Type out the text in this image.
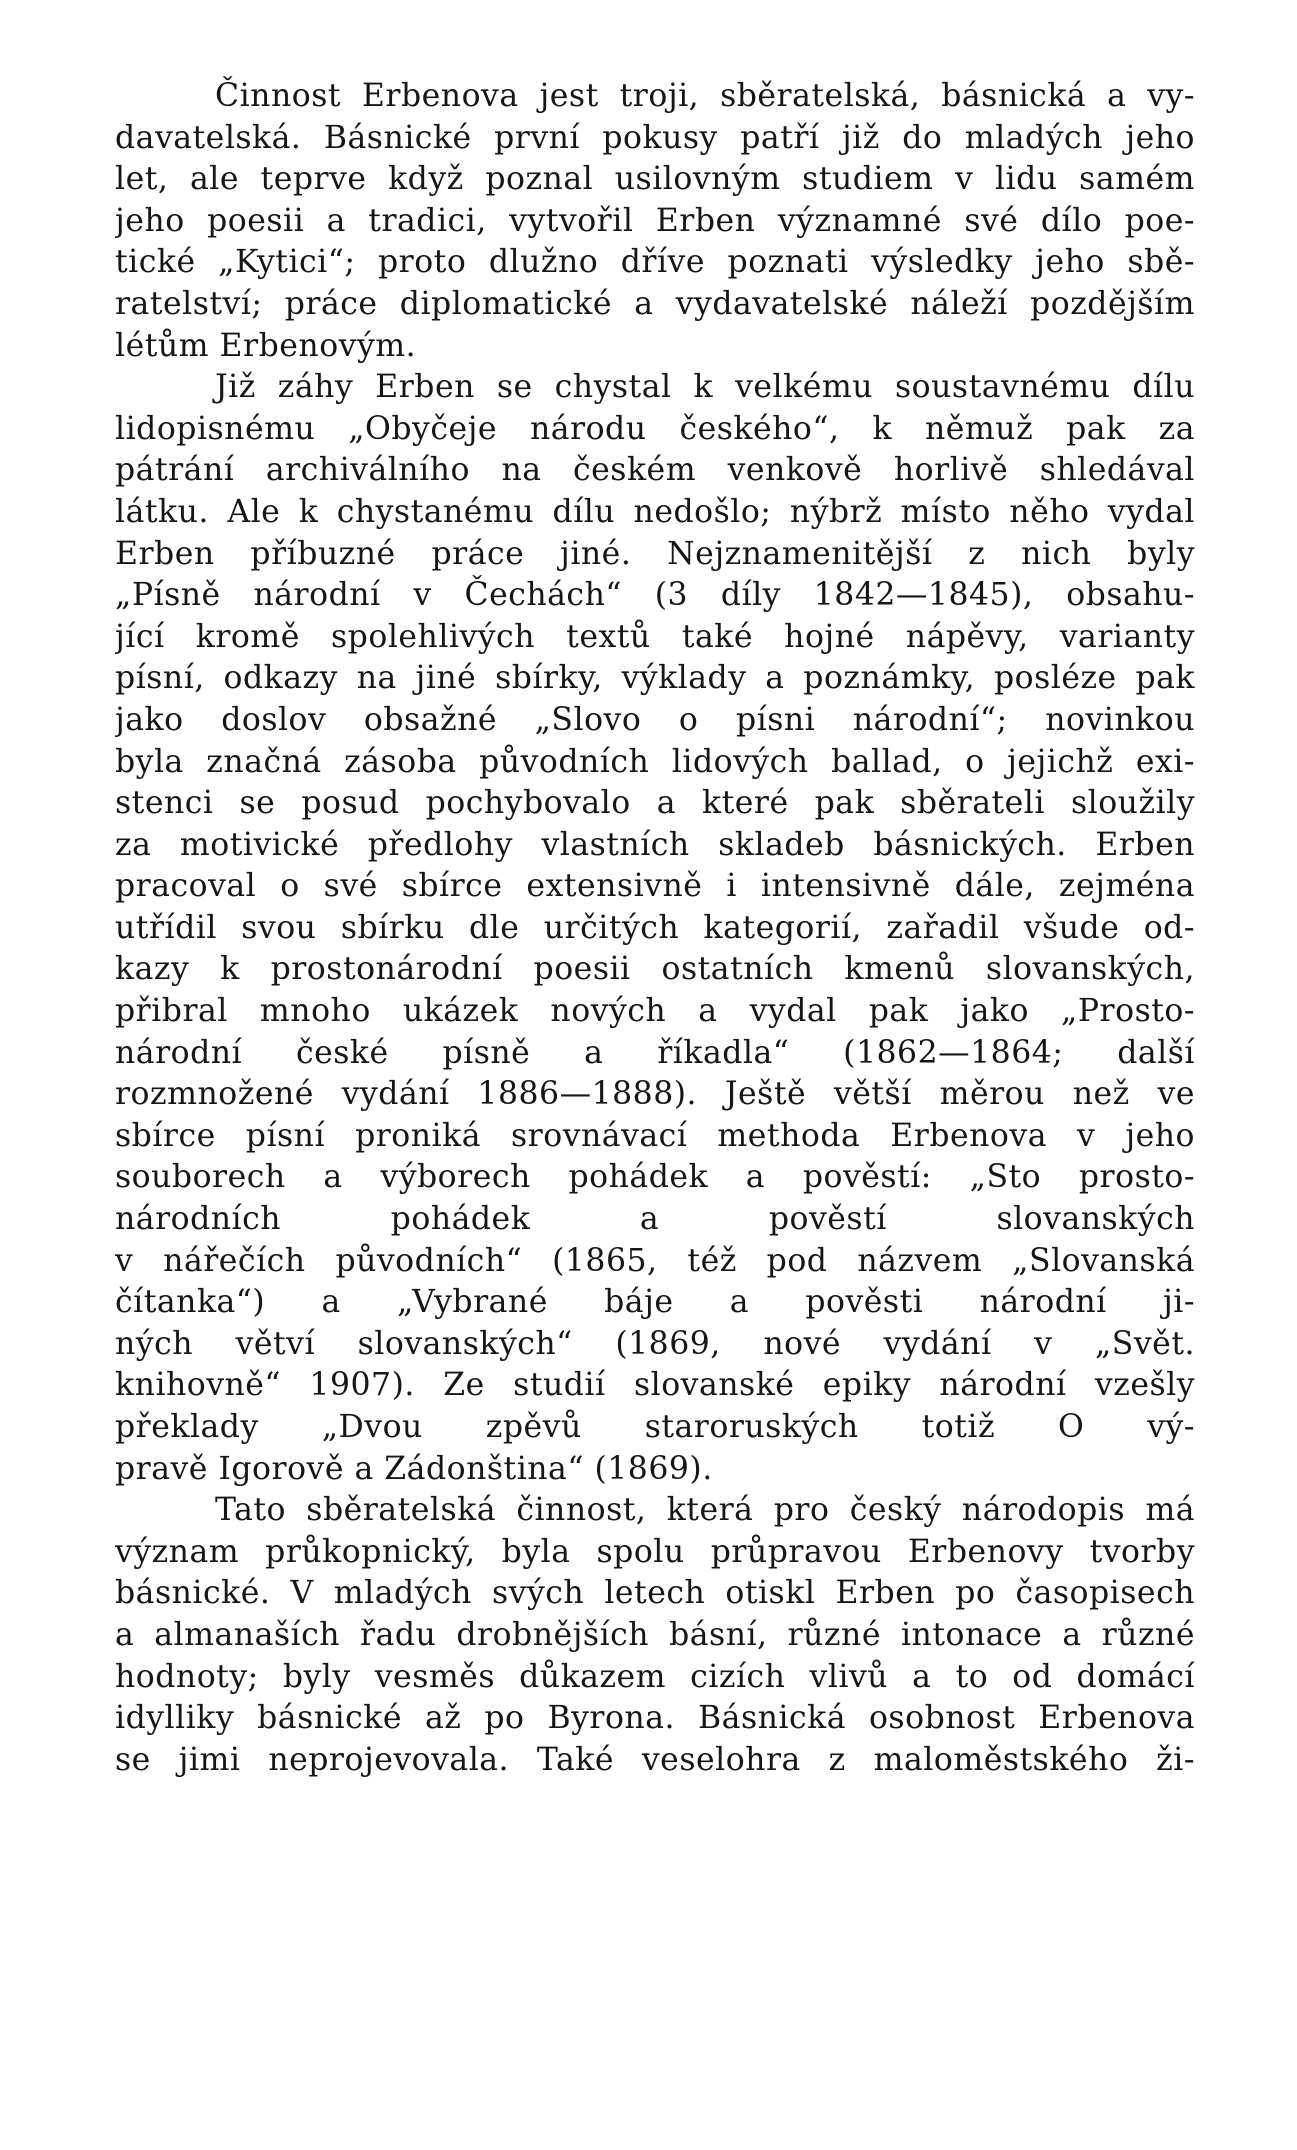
Činnost Erbenova jest troji, sběratelská, básnická a vy-
davatelská. Básnické první pokusy patří již do mladých jeho
let, ale teprve když poznal usilovným studiem v lidu samém
jeho poesii a tradici, vytvořil Erben významné své dílo poe-
tické „Kytici“; proto dlužno dříve poznati výsledky jeho sbě-
ratelství; práce diplomatické a vydavatelské náleží pozdějším
létům Erbenovým.
Již záhy Erben se chystal k velkému soustavnému dílu
lidopisnému „Obyčeje národu českého“, k němuž pak za
pátrání archiválního na českém venkově horlivě shledával
látku. Ale k chystanému dílu nedošlo; nýbrž místo něho vydal
Erben příbuzné práce jiné. Nejznamenitější z nich byly
„Písně národní v Čechách“ (3 díly 1842—1845), obsahu-
jící kromě spolehlivých textů také hojné nápěvy, varianty
písní, odkazy na jiné sbírky, výklady a poznámky, posléze pak
jako doslov obsažné „Slovo o písni národní“; novinkou
byla značná zásoba původních lidových ballad, o jejichž exi-
stenci se posud pochybovalo a které pak sběrateli sloužily
za motivické předlohy vlastních skladeb básnických. Erben
pracoval o své sbírce extensivně i intensivně dále, zejména
utřídil svou sbírku dle určitých kategorií, zařadil všude od-
kazy k prostonárodní poesii ostatních kmenů slovanských,
přibral mnoho ukázek nových a vydal pak jako „Prosto-
národní české písně a říkadla“ (1862—1864; další
rozmnožené vydání 1886—1888). Ještě větší měrou než ve
sbírce písní proniká srovnávací methoda Erbenova v jeho
souborech a výborech pohádek a pověstí: „Sto prosto-
národních pohádek a pověstí slovanských
v nářečích původních“ (1865, též pod názvem „Slovanská
čítanka“) a „Vybrané báje a pověsti národní ji-
ných větví slovanských“ (1869, nové vydání v „Svět.
knihovně“ 1907). Ze studií slovanské epiky národní vzešly
překlady „Dvou zpěvů staroruských totiž O vý-
pravě Igorově a Zádonština“ (1869).
Tato sběratelská činnost, která pro český národopis má
význam průkopnický, byla spolu průpravou Erbenovy tvorby
básnické. V mladých svých letech otiskl Erben po časopisech
a almanaších řadu drobnějších básní, různé intonace a různé
hodnoty; byly vesměs důkazem cizích vlivů a to od domácí
idylliky básnické až po Byrona. Básnická osobnost Erbenova
se jimi neprojevovala. Také veselohra z maloměstského ži-
